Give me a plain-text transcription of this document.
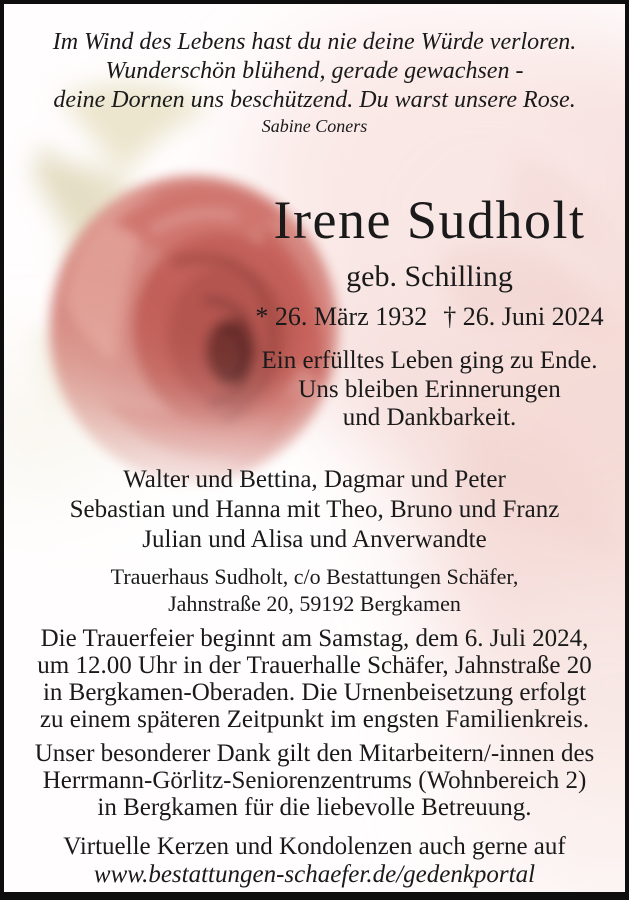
Im Wind des Lebens hast du nie deine Würde verloren.
Wunderschön blühend, gerade gewachsen -
deine Dornen uns beschützend. Du warst unsere Rose.
Sabine Coners
Irene Sudholt
geb. Schilling
* 26. März 1932 † 26. Juni 2024
Ein erfülltes Leben ging zu Ende.
Uns bleiben Erinnerungen
und Dankbarkeit.
Walter und Bettina, Dagmar und Peter
Sebastian und Hanna mit Theo, Bruno und Franz
Julian und Alisa und Anverwandte
Trauerhaus Sudholt, c/o Bestattungen Schäfer,
Jahnstraße 20, 59192 Bergkamen
Die Trauerfeier beginnt am Samstag, dem 6. Juli 2024,
um 12.00 Uhr in der Trauerhalle Schäfer, Jahnstraße 20
in Bergkamen-Oberaden. Die Urnenbeisetzung erfolgt
zu einem späteren Zeitpunkt im engsten Familienkreis.
Unser besonderer Dank gilt den Mitarbeitern/-innen des
Herrmann-Görlitz-Seniorenzentrums (Wohnbereich 2)
in Bergkamen für die liebevolle Betreuung.
Virtuelle Kerzen und Kondolenzen auch gerne auf
www.bestattungen-schaefer.de/gedenkportal
